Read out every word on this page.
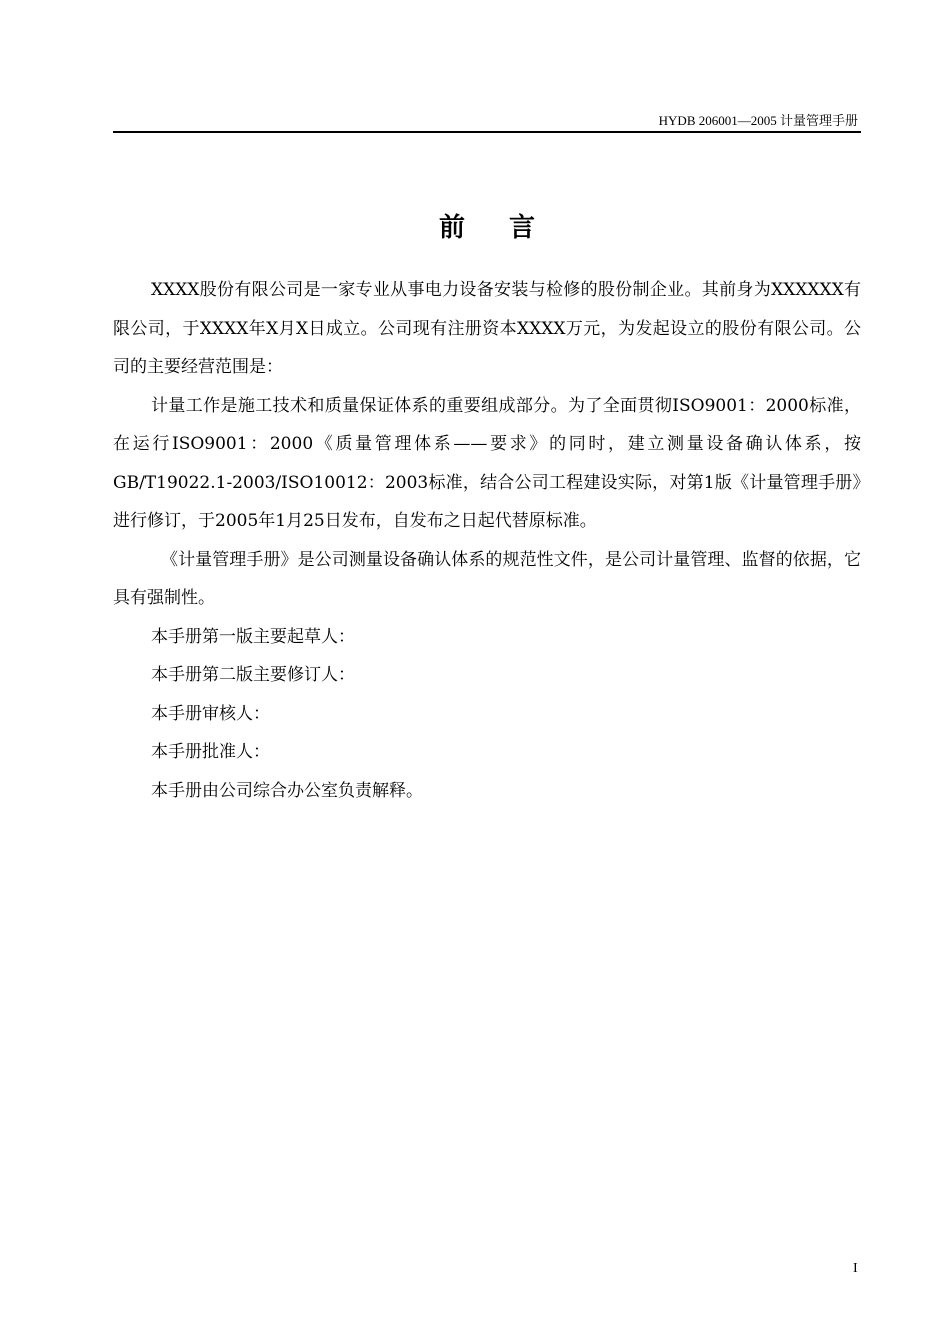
HYDB 206001—2005 计量管理手册
前言

XXXX股份有限公司是一家专业从事电力设备安装与检修的股份制企业。其前身为XXXXXX有限公司，于XXXX年X月X日成立。公司现有注册资本XXXX万元，为发起设立的股份有限公司。公司的主要经营范围是：

计量工作是施工技术和质量保证体系的重要组成部分。为了全面贯彻ISO9001：2000标准，在运行ISO9001：2000《质量管理体系——要求》的同时，建立测量设备确认体系，按GB/T19022.1-2003/ISO10012：2003标准，结合公司工程建设实际，对第1版《计量管理手册》进行修订，于2005年1月25日发布，自发布之日起代替原标准。

《计量管理手册》是公司测量设备确认体系的规范性文件，是公司计量管理、监督的依据，它具有强制性。

本手册第一版主要起草人：

本手册第二版主要修订人：

本手册审核人：

本手册批准人：

本手册由公司综合办公室负责解释。

I
